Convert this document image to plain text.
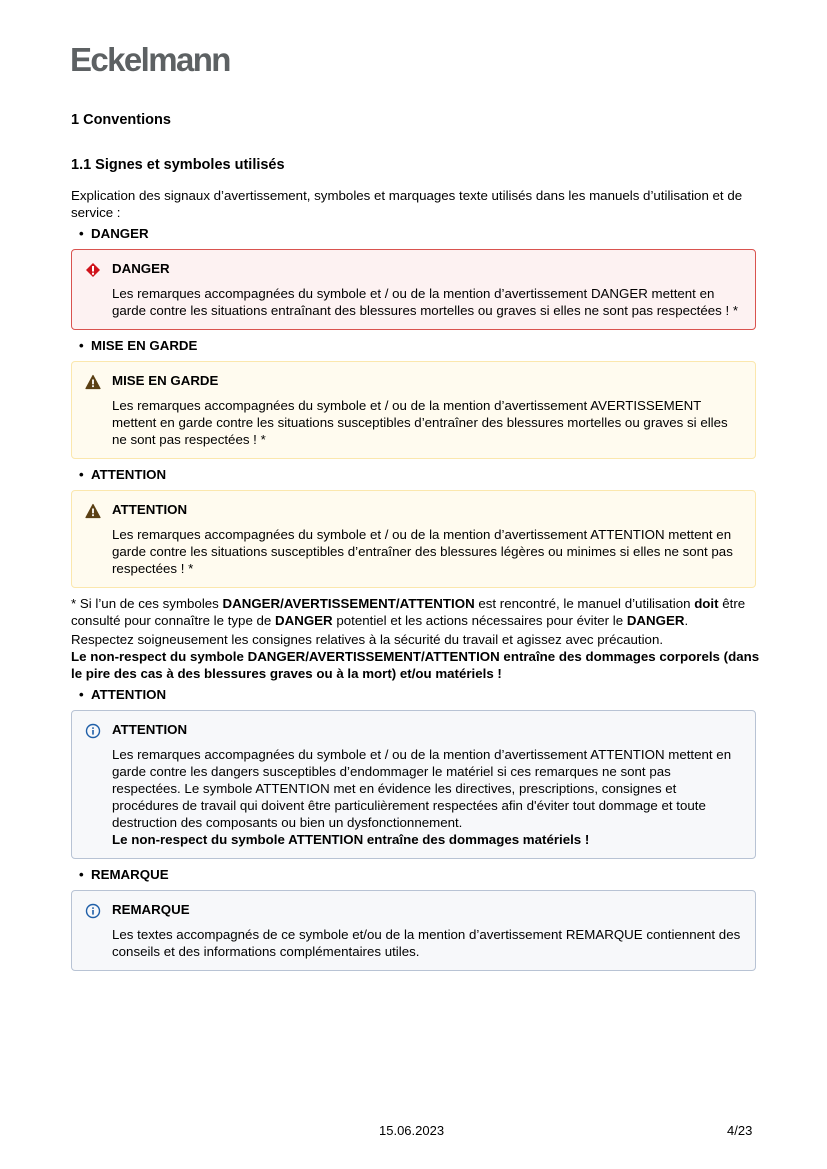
Eckelmann
1 Conventions
1.1 Signes et symboles utilisés

Explication des signaux d’avertissement, symboles et marquages texte utilisés dans les manuels d’utilisation et de service :

• DANGER
DANGER
Les remarques accompagnées du symbole et / ou de la mention d’avertissement DANGER mettent en garde contre les situations entraînant des blessures mortelles ou graves si elles ne sont pas respectées ! *
• MISE EN GARDE
MISE EN GARDE
Les remarques accompagnées du symbole et / ou de la mention d’avertissement AVERTISSEMENT mettent en garde contre les situations susceptibles d’entraîner des blessures mortelles ou graves si elles ne sont pas respectées ! *
• ATTENTION
ATTENTION
Les remarques accompagnées du symbole et / ou de la mention d’avertissement ATTENTION mettent en garde contre les situations susceptibles d’entraîner des blessures légères ou minimes si elles ne sont pas respectées ! *

* Si l’un de ces symboles DANGER/AVERTISSEMENT/ATTENTION est rencontré, le manuel d’utilisation doit être consulté pour connaître le type de DANGER potentiel et les actions nécessaires pour éviter le DANGER.

Respectez soigneusement les consignes relatives à la sécurité du travail et agissez avec précaution.

Le non-respect du symbole DANGER/AVERTISSEMENT/ATTENTION entraîne des dommages corporels (dans le pire des cas à des blessures graves ou à la mort) et/ou matériels !

• ATTENTION
ATTENTION
Les remarques accompagnées du symbole et / ou de la mention d’avertissement ATTENTION mettent en garde contre les dangers susceptibles d’endommager le matériel si ces remarques ne sont pas respectées. Le symbole ATTENTION met en évidence les directives, prescriptions, consignes et procédures de travail qui doivent être particulièrement respectées afin d'éviter tout dommage et toute destruction des composants ou bien un dysfonctionnement.
Le non-respect du symbole ATTENTION entraîne des dommages matériels !
• REMARQUE
REMARQUE
Les textes accompagnés de ce symbole et/ou de la mention d’avertissement REMARQUE contiennent des conseils et des informations complémentaires utiles.
15.06.2023	4/23
